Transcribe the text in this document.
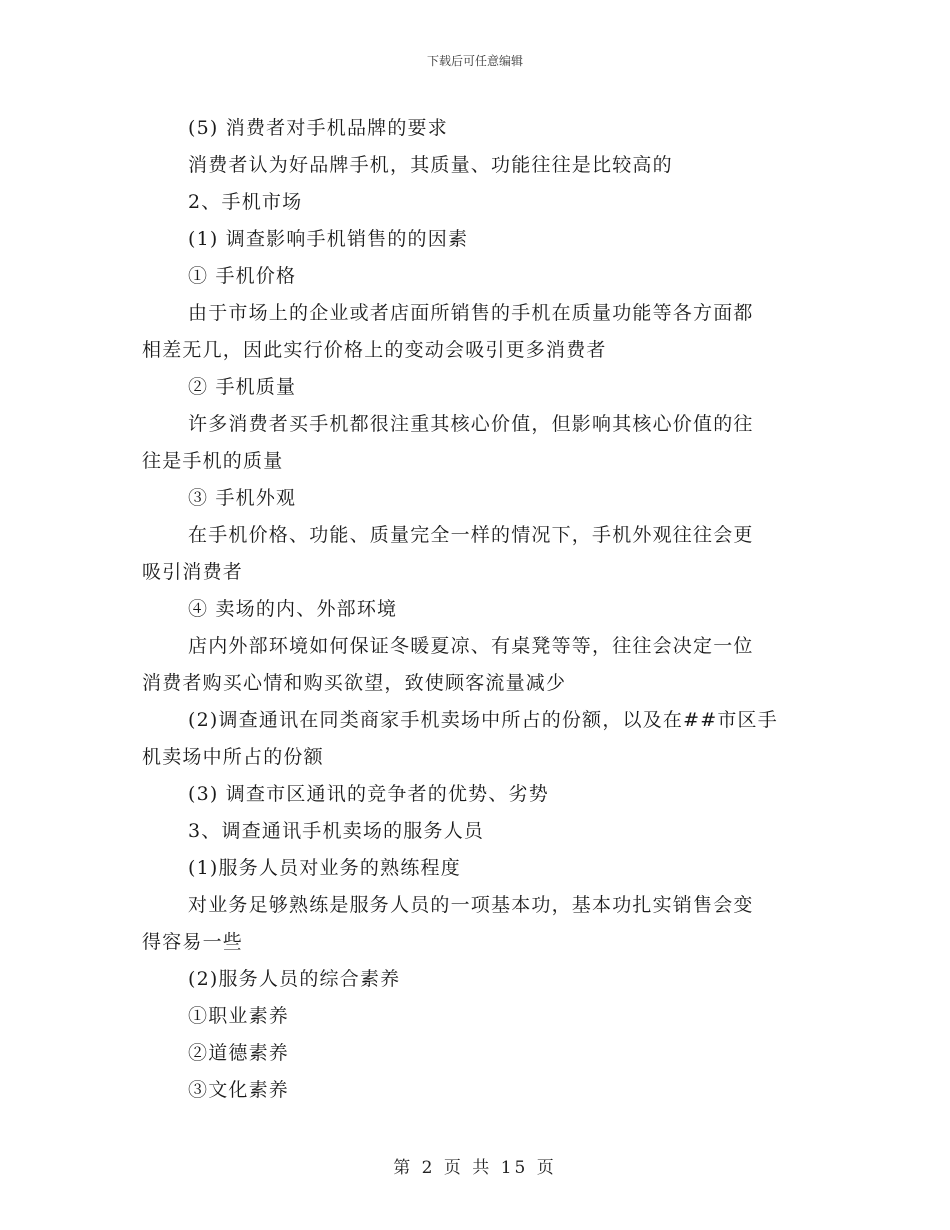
下载后可任意编辑
(5) 消费者对手机品牌的要求
消费者认为好品牌手机，其质量、功能往往是比较高的
2、手机市场
(1) 调查影响手机销售的的因素
① 手机价格
由于市场上的企业或者店面所销售的手机在质量功能等各方面都
相差无几，因此实行价格上的变动会吸引更多消费者
② 手机质量
许多消费者买手机都很注重其核心价值，但影响其核心价值的往
往是手机的质量
③ 手机外观
在手机价格、功能、质量完全一样的情况下，手机外观往往会更
吸引消费者
④ 卖场的内、外部环境
店内外部环境如何保证冬暖夏凉、有桌凳等等，往往会决定一位
消费者购买心情和购买欲望，致使顾客流量减少
(2)调查通讯在同类商家手机卖场中所占的份额，以及在##市区手
机卖场中所占的份额
(3) 调查市区通讯的竞争者的优势、劣势
3、调查通讯手机卖场的服务人员
(1)服务人员对业务的熟练程度
对业务足够熟练是服务人员的一项基本功，基本功扎实销售会变
得容易一些
(2)服务人员的综合素养
①职业素养
②道德素养
③文化素养
第 2 页 共 15 页
